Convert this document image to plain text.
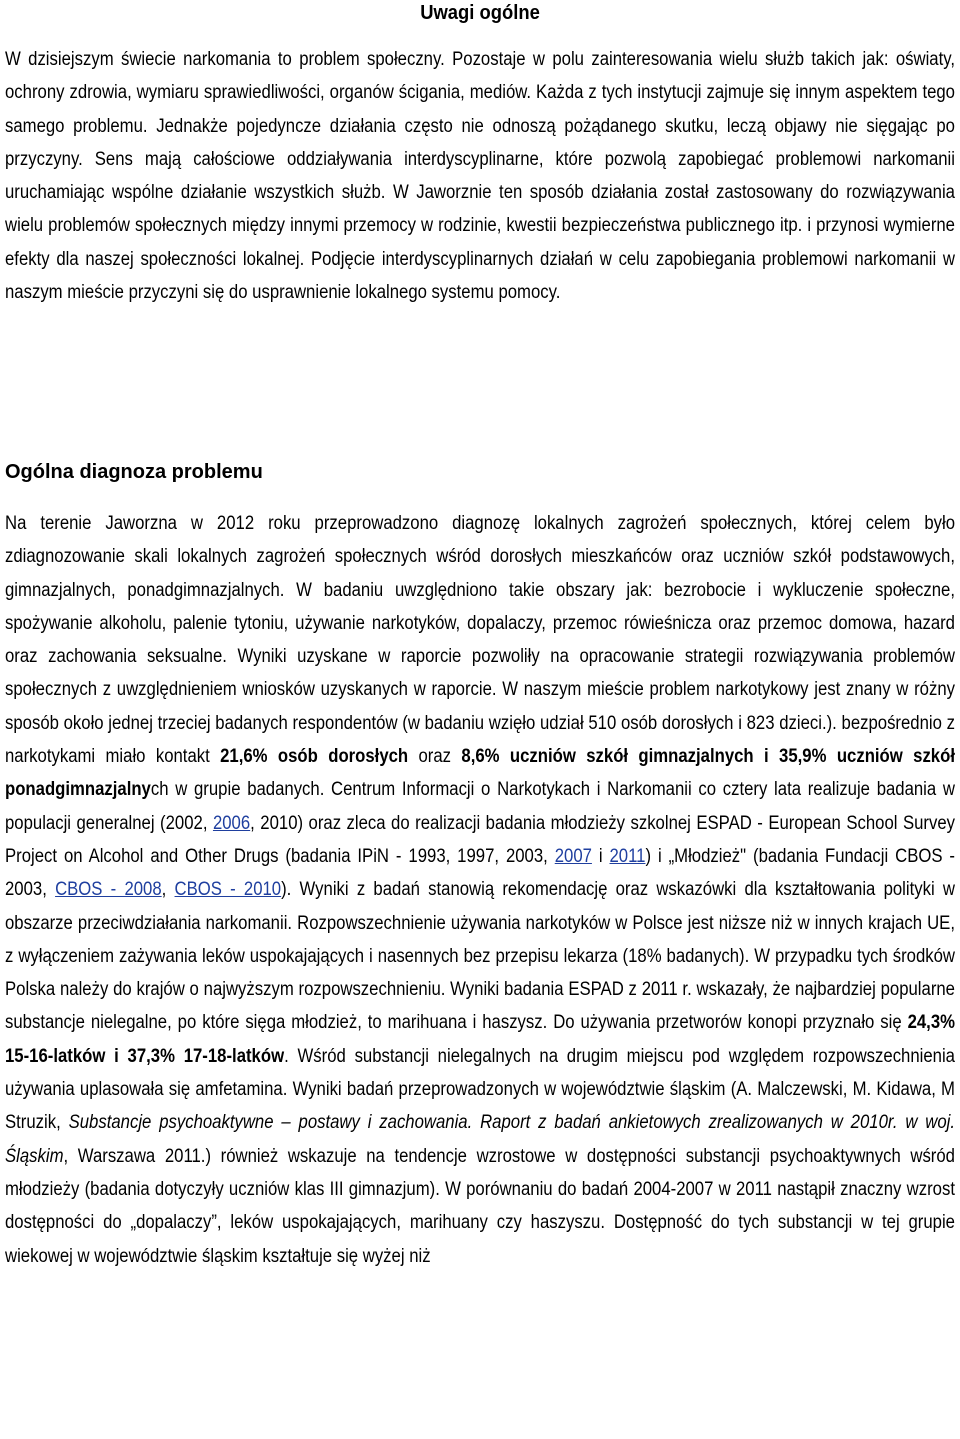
Uwagi ogólne
W dzisiejszym świecie narkomania to problem społeczny. Pozostaje w polu zainteresowania wielu służb takich jak: oświaty, ochrony zdrowia, wymiaru sprawiedliwości, organów ścigania, mediów. Każda z tych instytucji zajmuje się innym aspektem tego samego problemu. Jednakże pojedyncze działania często nie odnoszą pożądanego skutku, leczą objawy nie sięgając po przyczyny. Sens mają całościowe oddziaływania interdyscyplinarne, które pozwolą zapobiegać problemowi narkomanii uruchamiając wspólne działanie wszystkich służb. W Jaworznie ten sposób działania został zastosowany do rozwiązywania wielu problemów społecznych między innymi przemocy w rodzinie, kwestii bezpieczeństwa publicznego itp. i przynosi wymierne efekty dla naszej społeczności lokalnej. Podjęcie interdyscyplinarnych działań w celu zapobiegania problemowi narkomanii w naszym mieście przyczyni się do usprawnienie lokalnego systemu pomocy.
Ogólna diagnoza problemu
Na terenie Jaworzna w 2012 roku przeprowadzono diagnozę lokalnych zagrożeń społecznych, której celem było zdiagnozowanie skali lokalnych zagrożeń społecznych wśród dorosłych mieszkańców oraz uczniów szkół podstawowych, gimnazjalnych, ponadgimnazjalnych. W badaniu uwzględniono takie obszary jak: bezrobocie i wykluczenie społeczne, spożywanie alkoholu, palenie tytoniu, używanie narkotyków, dopalaczy, przemoc rówieśnicza oraz przemoc domowa, hazard oraz zachowania seksualne. Wyniki uzyskane w raporcie pozwoliły na opracowanie strategii rozwiązywania problemów społecznych z uwzględnieniem wniosków uzyskanych w raporcie. W naszym mieście problem narkotykowy jest znany w różny sposób około jednej trzeciej badanych respondentów (w badaniu wzięło udział 510 osób dorosłych i 823 dzieci.). bezpośrednio z narkotykami miało kontakt 21,6% osób dorosłych oraz 8,6% uczniów szkół gimnazjalnych i 35,9% uczniów szkół ponadgimnazjalnych w grupie badanych. Centrum Informacji o Narkotykach i Narkomanii co cztery lata realizuje badania w populacji generalnej (2002, 2006, 2010) oraz zleca do realizacji badania młodzieży szkolnej ESPAD - European School Survey Project on Alcohol and Other Drugs (badania IPiN - 1993, 1997, 2003, 2007 i 2011) i „Młodzież" (badania Fundacji CBOS - 2003, CBOS - 2008, CBOS - 2010). Wyniki z badań stanowią rekomendację oraz wskazówki dla kształtowania polityki w obszarze przeciwdziałania narkomanii. Rozpowszechnienie używania narkotyków w Polsce jest niższe niż w innych krajach UE, z wyłączeniem zażywania leków uspokajających i nasennych bez przepisu lekarza (18% badanych). W przypadku tych środków Polska należy do krajów o najwyższym rozpowszechnieniu. Wyniki badania ESPAD z 2011 r. wskazały, że najbardziej popularne substancje nielegalne, po które sięga młodzież, to marihuana i haszysz. Do używania przetworów konopi przyznało się 24,3% 15-16-latków i 37,3% 17-18-latków. Wśród substancji nielegalnych na drugim miejscu pod względem rozpowszechnienia używania uplasowała się amfetamina. Wyniki badań przeprowadzonych w województwie śląskim (A. Malczewski, M. Kidawa, M Struzik, Substancje psychoaktywne – postawy i zachowania. Raport z badań ankietowych zrealizowanych w 2010r. w woj. Śląskim, Warszawa 2011.) również wskazuje na tendencje wzrostowe w dostępności substancji psychoaktywnych wśród młodzieży (badania dotyczyły uczniów klas III gimnazjum). W porównaniu do badań 2004-2007 w 2011 nastąpił znaczny wzrost dostępności do „dopalaczy”, leków uspokajających, marihuany czy haszyszu. Dostępność do tych substancji w tej grupie wiekowej w województwie śląskim kształtuje się wyżej niż
